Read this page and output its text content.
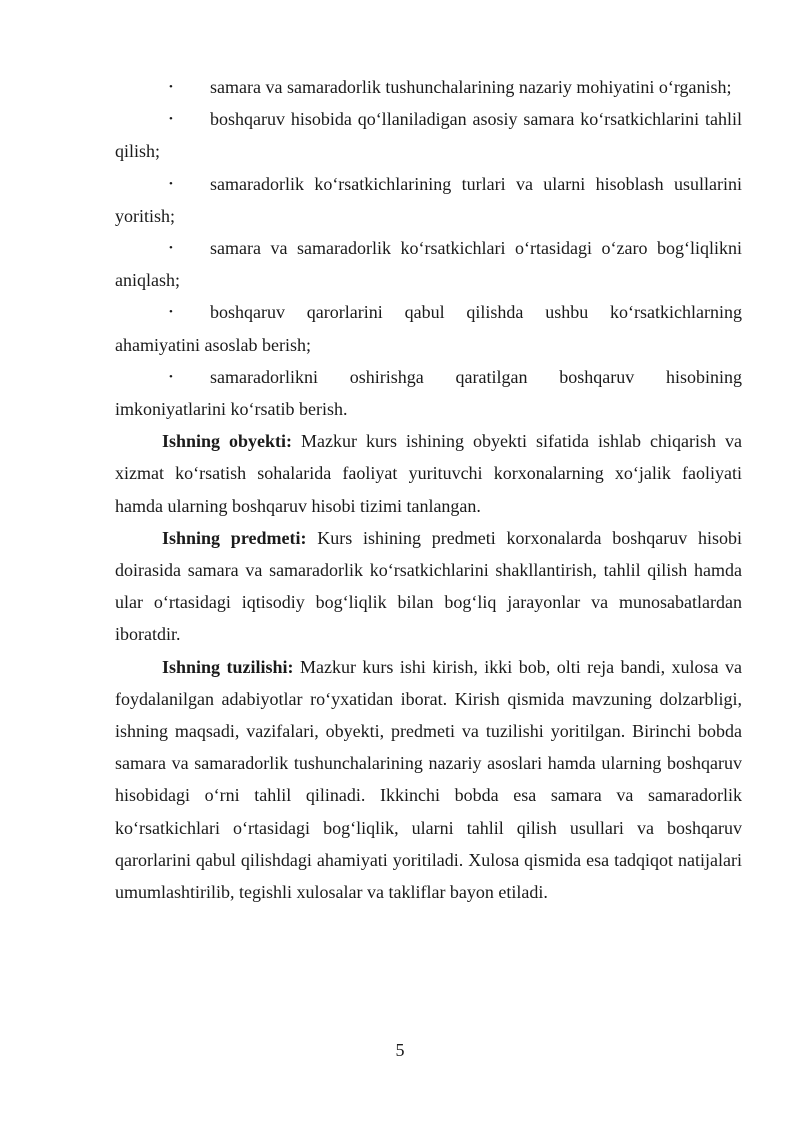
• samara va samaradorlik tushunchalarining nazariy mohiyatini o‘rganish;
• boshqaruv hisobida qo‘llaniladigan asosiy samara ko‘rsatkichlarini tahlil qilish;
• samaradorlik ko‘rsatkichlarining turlari va ularni hisoblash usullarini yoritish;
• samara va samaradorlik ko‘rsatkichlari o‘rtasidagi o‘zaro bog‘liqlikni aniqlash;
• boshqaruv qarorlarini qabul qilishda ushbu ko‘rsatkichlarning ahamiyatini asoslab berish;
• samaradorlikni oshirishga qaratilgan boshqaruv hisobining imkoniyatlarini ko‘rsatib berish.

Ishning obyekti: Mazkur kurs ishining obyekti sifatida ishlab chiqarish va xizmat ko‘rsatish sohalarida faoliyat yurituvchi korxonalarning xo‘jalik faoliyati hamda ularning boshqaruv hisobi tizimi tanlangan.

Ishning predmeti: Kurs ishining predmeti korxonalarda boshqaruv hisobi doirasida samara va samaradorlik ko‘rsatkichlarini shakllantirish, tahlil qilish hamda ular o‘rtasidagi iqtisodiy bog‘liqlik bilan bog‘liq jarayonlar va munosabatlardan iboratdir.

Ishning tuzilishi: Mazkur kurs ishi kirish, ikki bob, olti reja bandi, xulosa va foydalanilgan adabiyotlar ro‘yxatidan iborat. Kirish qismida mavzuning dolzarbligi, ishning maqsadi, vazifalari, obyekti, predmeti va tuzilishi yoritilgan. Birinchi bobda samara va samaradorlik tushunchalarining nazariy asoslari hamda ularning boshqaruv hisobidagi o‘rni tahlil qilinadi. Ikkinchi bobda esa samara va samaradorlik ko‘rsatkichlari o‘rtasidagi bog‘liqlik, ularni tahlil qilish usullari va boshqaruv qarorlarini qabul qilishdagi ahamiyati yoritiladi. Xulosa qismida esa tadqiqot natijalari umumlashtirilib, tegishli xulosalar va takliflar bayon etiladi.

5
